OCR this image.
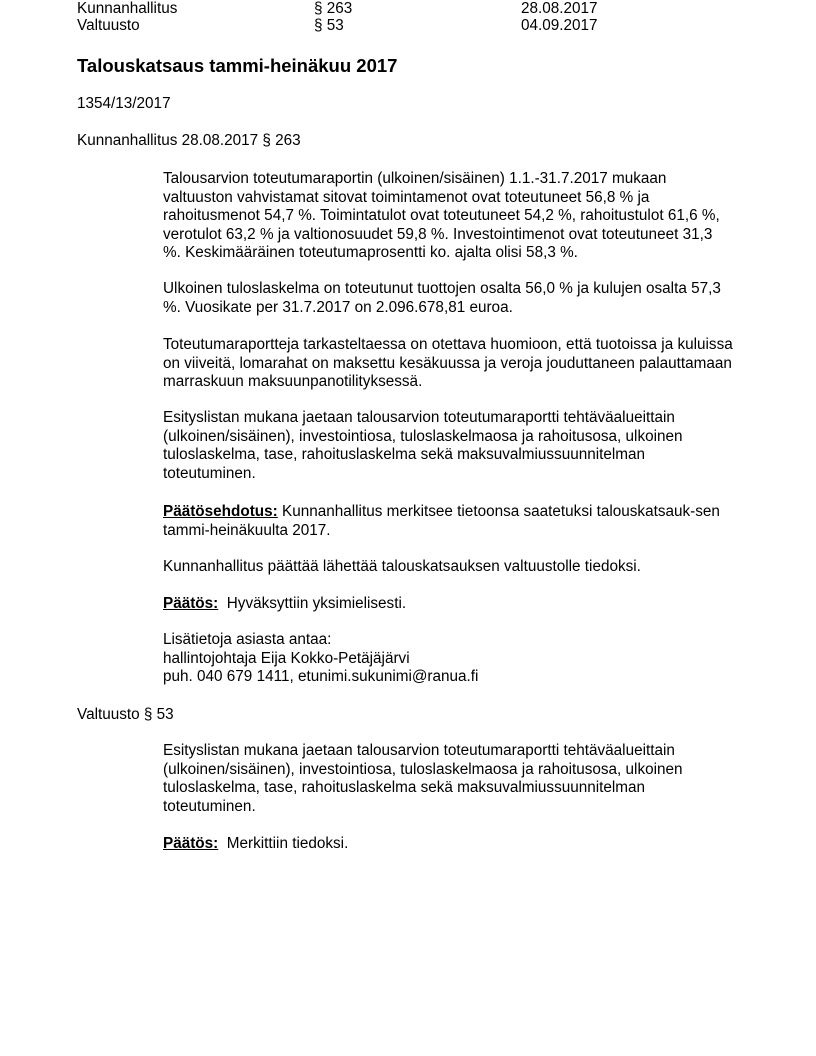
Kunnanhallitus	§ 263	28.08.2017
Valtuusto	§ 53	04.09.2017
Talouskatsaus tammi-heinäkuu 2017
1354/13/2017
Kunnanhallitus 28.08.2017 § 263

Talousarvion toteutumaraportin (ulkoinen/sisäinen) 1.1.-31.7.2017 mukaan valtuuston vahvistamat sitovat toimintamenot ovat toteutuneet 56,8 % ja rahoitusmenot 54,7 %. Toimintatulot ovat toteutuneet 54,2 %, rahoitustulot 61,6 %, verotulot 63,2 % ja valtionosuudet 59,8 %. Investointimenot ovat toteutuneet 31,3 %. Keskimääräinen toteutumaprosentti ko. ajalta olisi 58,3 %.

Ulkoinen tuloslaskelma on toteutunut tuottojen osalta 56,0 % ja kulujen osalta 57,3 %. Vuosikate per 31.7.2017 on 2.096.678,81 euroa.

Toteutumaraportteja tarkasteltaessa on otettava huomioon, että tuotoissa ja kuluissa on viiveitä, lomarahat on maksettu kesäkuussa ja veroja jouduttaneen palauttamaan marraskuun maksuunpanotilityksessä.

Esityslistan mukana jaetaan talousarvion toteutumaraportti tehtäväalueittain (ulkoinen/sisäinen), investointiosa, tuloslaskelmaosa ja rahoitusosa, ulkoinen tuloslaskelma, tase, rahoituslaskelma sekä maksuvalmiussuunnitelman toteutuminen.

Päätösehdotus: Kunnanhallitus merkitsee tietoonsa saatetuksi talouskatsauk-sen tammi-heinäkuulta 2017.

Kunnanhallitus päättää lähettää talouskatsauksen valtuustolle tiedoksi.

Päätös:  Hyväksyttiin yksimielisesti.

Lisätietoja asiasta antaa:

hallintojohtaja Eija Kokko-Petäjäjärvi

puh. 040 679 1411, etunimi.sukunimi@ranua.fi

Valtuusto § 53

Esityslistan mukana jaetaan talousarvion toteutumaraportti tehtäväalueittain (ulkoinen/sisäinen), investointiosa, tuloslaskelmaosa ja rahoitusosa, ulkoinen tuloslaskelma, tase, rahoituslaskelma sekä maksuvalmiussuunnitelman toteutuminen.

Päätös:  Merkittiin tiedoksi.
